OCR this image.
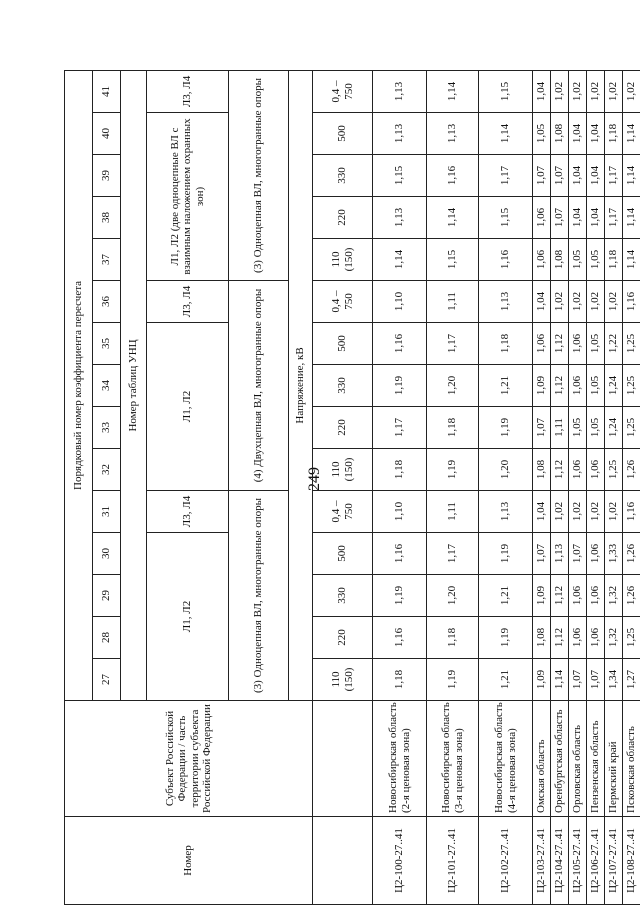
249
Номер	Субъект Российской Федерации / часть территории субъекта Российской Федерации	Порядковый номер коэффициента пересчета														
		27	28	29	30	31	32	33	34	35	36	37	38	39	40	41
		Номер таблиц УНЦ														
		Л1, Л2				Л3, Л4	Л1, Л2				Л3, Л4	Л1, Л2 (две одноцепные ВЛ с взаимным наложением охранных зон)				Л3, Л4
		(3) Одноцепная ВЛ, многогранные опоры					(4) Двухцепная ВЛ, многогранные опоры					(3) Одноцепная ВЛ, многогранные опоры				
		Напряжение, кВ														

		110 (150)	220	330	500	0,4 – 750	110 (150)	220	330	500	0,4 – 750	110 (150)	220	330	500	0,4 – 750
Ц2-100-27..41	Новосибирская область (2-я ценовая зона)	1,18	1,16	1,19	1,16	1,10	1,18	1,17	1,19	1,16	1,10	1,14	1,13	1,15	1,13	1,13
Ц2-101-27..41	Новосибирская область (3-я ценовая зона)	1,19	1,18	1,20	1,17	1,11	1,19	1,18	1,20	1,17	1,11	1,15	1,14	1,16	1,13	1,14
Ц2-102-27..41	Новосибирская область (4-я ценовая зона)	1,21	1,19	1,21	1,19	1,13	1,20	1,19	1,21	1,18	1,13	1,16	1,15	1,17	1,14	1,15
Ц2-103-27..41	Омская область	1,09	1,08	1,09	1,07	1,04	1,08	1,07	1,09	1,06	1,04	1,06	1,06	1,07	1,05	1,04
Ц2-104-27..41	Оренбургская область	1,14	1,12	1,12	1,13	1,02	1,12	1,11	1,12	1,12	1,02	1,08	1,07	1,07	1,08	1,02
Ц2-105-27..41	Орловская область	1,07	1,06	1,06	1,07	1,02	1,06	1,05	1,06	1,06	1,02	1,05	1,04	1,04	1,04	1,02
Ц2-106-27..41	Пензенская область	1,07	1,06	1,06	1,06	1,02	1,06	1,05	1,05	1,05	1,02	1,05	1,04	1,04	1,04	1,02
Ц2-107-27..41	Пермский край	1,34	1,32	1,32	1,33	1,02	1,25	1,24	1,24	1,22	1,02	1,18	1,17	1,17	1,18	1,02
Ц2-108-27..41	Псковская область	1,27	1,25	1,26	1,26	1,16	1,26	1,25	1,25	1,25	1,16	1,14	1,14	1,14	1,14	1,02
